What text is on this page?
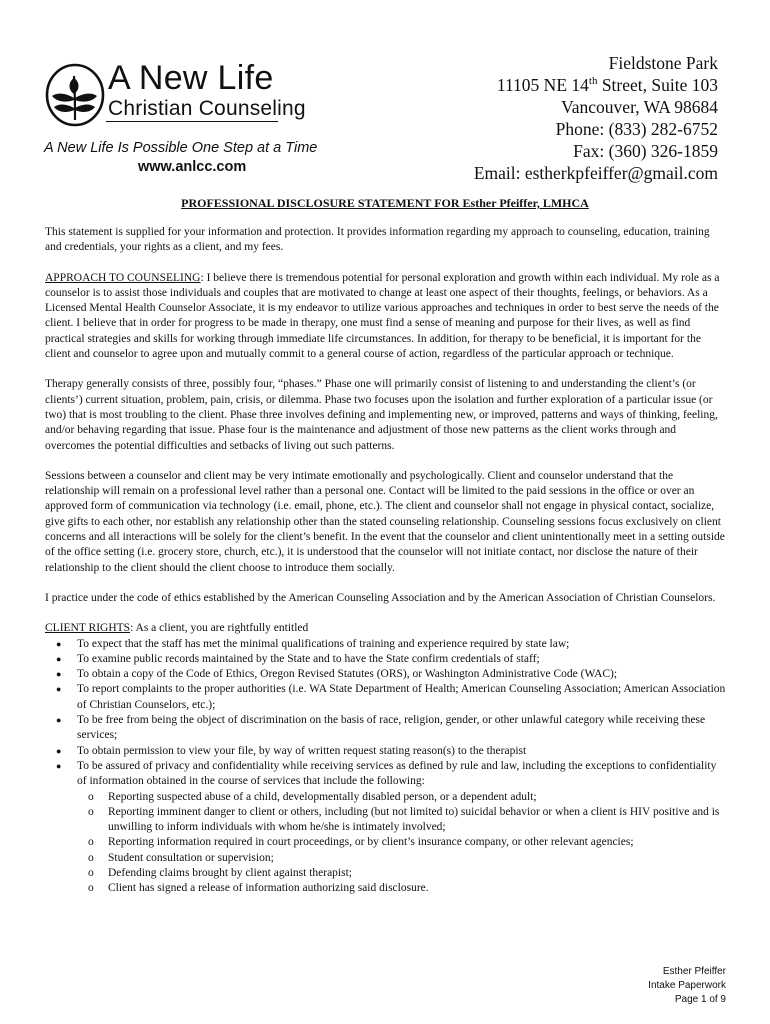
A New Life
Christian Counseling
A New Life Is Possible One Step at a Time
www.anlcc.com
Fieldstone Park
11105 NE 14th Street, Suite 103
Vancouver, WA 98684
Phone: (833) 282-6752
Fax: (360) 326-1859
Email: estherkpfeiffer@gmail.com
PROFESSIONAL DISCLOSURE STATEMENT FOR Esther Pfeiffer, LMHCA

This statement is supplied for your information and protection. It provides information regarding my approach to counseling, education, training and credentials, your rights as a client, and my fees.

APPROACH TO COUNSELING: I believe there is tremendous potential for personal exploration and growth within each individual. My role as a counselor is to assist those individuals and couples that are motivated to change at least one aspect of their thoughts, feelings, or behaviors. As a Licensed Mental Health Counselor Associate, it is my endeavor to utilize various approaches and techniques in order to best serve the needs of the client. I believe that in order for progress to be made in therapy, one must find a sense of meaning and purpose for their lives, as well as find practical strategies and skills for working through immediate life circumstances. In addition, for therapy to be beneficial, it is important for the client and counselor to agree upon and mutually commit to a general course of action, regardless of the particular approach or technique.

Therapy generally consists of three, possibly four, “phases.” Phase one will primarily consist of listening to and understanding the client’s (or clients’) current situation, problem, pain, crisis, or dilemma. Phase two focuses upon the isolation and further exploration of a particular issue (or two) that is most troubling to the client. Phase three involves defining and implementing new, or improved, patterns and ways of thinking, feeling, and/or behaving regarding that issue. Phase four is the maintenance and adjustment of those new patterns as the client works through and overcomes the potential difficulties and setbacks of living out such patterns.

Sessions between a counselor and client may be very intimate emotionally and psychologically. Client and counselor understand that the relationship will remain on a professional level rather than a personal one. Contact will be limited to the paid sessions in the office or over an approved form of communication via technology (i.e. email, phone, etc.). The client and counselor shall not engage in physical contact, socialize, give gifts to each other, nor establish any relationship other than the stated counseling relationship. Counseling sessions focus exclusively on client concerns and all interactions will be solely for the client’s benefit. In the event that the counselor and client unintentionally meet in a setting outside of the office setting (i.e. grocery store, church, etc.), it is understood that the counselor will not initiate contact, nor disclose the nature of their relationship to the client should the client choose to introduce them socially.

I practice under the code of ethics established by the American Counseling Association and by the American Association of Christian Counselors.

CLIENT RIGHTS: As a client, you are rightfully entitled
● To expect that the staff has met the minimal qualifications of training and experience required by state law;
● To examine public records maintained by the State and to have the State confirm credentials of staff;
● To obtain a copy of the Code of Ethics, Oregon Revised Statutes (ORS), or Washington Administrative Code (WAC);
● To report complaints to the proper authorities (i.e. WA State Department of Health; American Counseling Association; American Association of Christian Counselors, etc.);
● To be free from being the object of discrimination on the basis of race, religion, gender, or other unlawful category while receiving these services;
● To obtain permission to view your file, by way of written request stating reason(s) to the therapist
● To be assured of privacy and confidentiality while receiving services as defined by rule and law, including the exceptions to confidentiality of information obtained in the course of services that include the following:
o Reporting suspected abuse of a child, developmentally disabled person, or a dependent adult;
o Reporting imminent danger to client or others, including (but not limited to) suicidal behavior or when a client is HIV positive and is unwilling to inform individuals with whom he/she is intimately involved;
o Reporting information required in court proceedings, or by client’s insurance company, or other relevant agencies;
o Student consultation or supervision;
o Defending claims brought by client against therapist;
o Client has signed a release of information authorizing said disclosure.
Esther Pfeiffer
Intake Paperwork
Page 1 of 9
